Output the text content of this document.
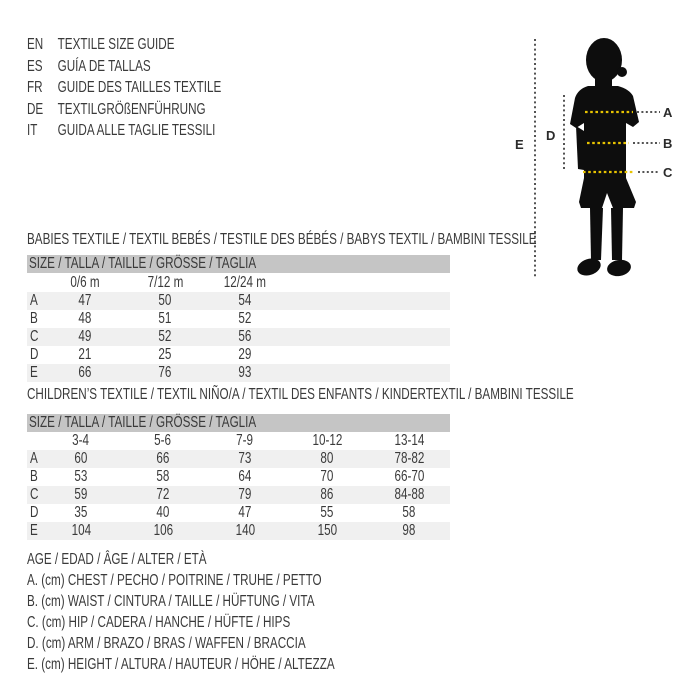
EN TEXTILE SIZE GUIDE
ES GUÍA DE TALLAS
FR GUIDE DES TAILLES TEXTILE
DE TEXTILGRÖßENFÜHRUNG
IT GUIDA ALLE TAGLIE TESSILI
A
B
C
D
E
BABIES TEXTILE / TEXTIL BEBÉS / TESTILE DES BÉBÉS / BABYS TEXTIL / BAMBINI TESSILE
SIZE / TALLA / TAILLE / GRÖSSE / TAGLIA
	0/6 m	7/12 m	12/24 m	
A	47	50	54	
B	48	51	52	
C	49	52	56	
D	21	25	29	
E	66	76	93	
CHILDREN’S TEXTILE / TEXTIL NIÑO/A / TEXTIL DES ENFANTS / KINDERTEXTIL / BAMBINI TESSILE
SIZE / TALLA / TAILLE / GRÖSSE / TAGLIA
	3-4	5-6	7-9	10-12	13-14
A	60	66	73	80	78-82
B	53	58	64	70	66-70
C	59	72	79	86	84-88
D	35	40	47	55	58
E	104	106	140	150	98
AGE / EDAD / ÂGE / ALTER / ETÀ
A. (cm) CHEST / PECHO / POITRINE / TRUHE / PETTO
B. (cm) WAIST / CINTURA / TAILLE / HÜFTUNG / VITA
C. (cm) HIP / CADERA / HANCHE / HÜFTE / HIPS
D. (cm) ARM / BRAZO / BRAS / WAFFEN / BRACCIA
E. (cm) HEIGHT / ALTURA / HAUTEUR / HÖHE / ALTEZZA
